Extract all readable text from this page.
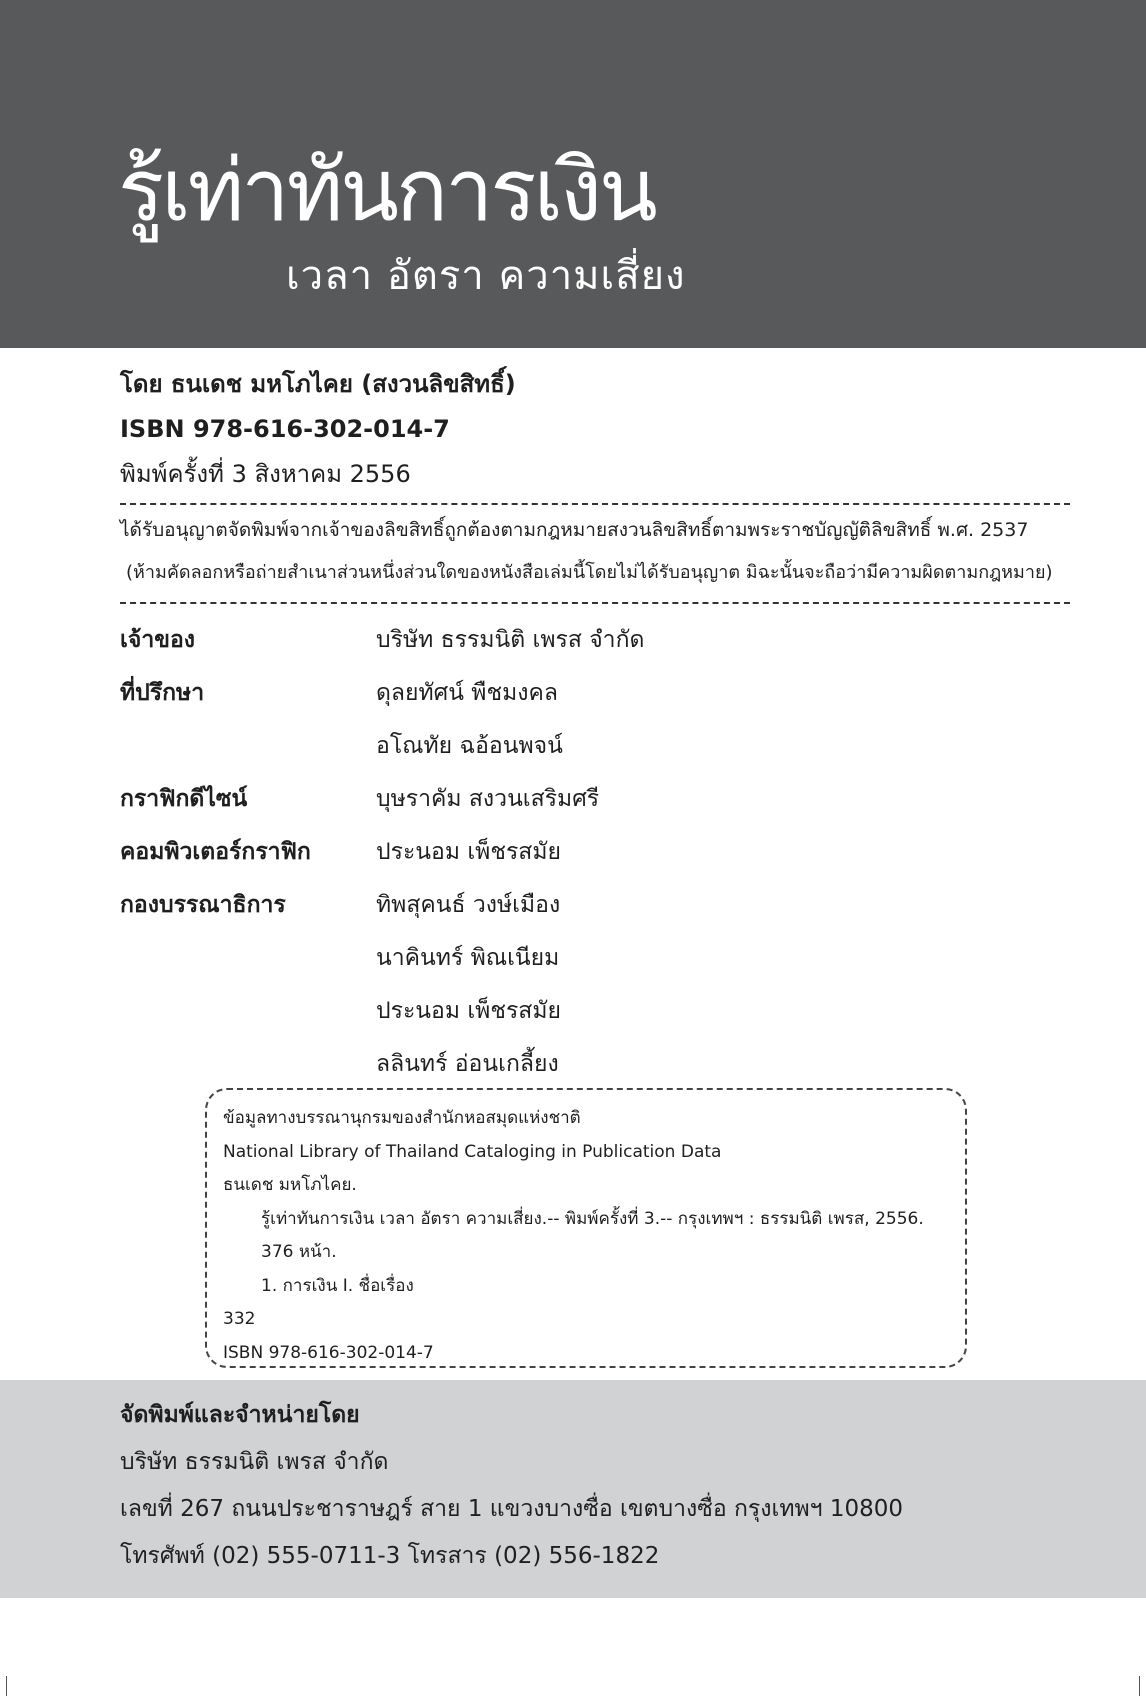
รู้เท่าทันการเงิน
เวลา อัตรา ความเสี่ยง
โดย ธนเดช มหโภไคย (สงวนลิขสิทธิ์)
ISBN 978-616-302-014-7
พิมพ์ครั้งที่ 3 สิงหาคม 2556
ได้รับอนุญาตจัดพิมพ์จากเจ้าของลิขสิทธิ์ถูกต้องตามกฎหมายสงวนลิขสิทธิ์ตามพระราชบัญญัติลิขสิทธิ์ พ.ศ. 2537
(ห้ามคัดลอกหรือถ่ายสำเนาส่วนหนึ่งส่วนใดของหนังสือเล่มนี้โดยไม่ได้รับอนุญาต มิฉะนั้นจะถือว่ามีความผิดตามกฎหมาย)
เจ้าของ	บริษัท ธรรมนิติ เพรส จำกัด
ที่ปรึกษา	ดุลยทัศน์ พืชมงคล
อโณทัย ฉอ้อนพจน์
กราฟิกดีไซน์	บุษราคัม สงวนเสริมศรี
คอมพิวเตอร์กราฟิก	ประนอม เพ็ชรสมัย
กองบรรณาธิการ	ทิพสุคนธ์ วงษ์เมือง
นาคินทร์ พิณเนียม
ประนอม เพ็ชรสมัย
ลลินทร์ อ่อนเกลี้ยง
ข้อมูลทางบรรณานุกรมของสำนักหอสมุดแห่งชาติ
National Library of Thailand Cataloging in Publication Data
ธนเดช มหโภไคย.
รู้เท่าทันการเงิน เวลา อัตรา ความเสี่ยง.-- พิมพ์ครั้งที่ 3.-- กรุงเทพฯ : ธรรมนิติ เพรส, 2556.
376 หน้า.
1. การเงิน I. ชื่อเรื่อง
332
ISBN 978-616-302-014-7
จัดพิมพ์และจำหน่ายโดย
บริษัท ธรรมนิติ เพรส จำกัด
เลขที่ 267 ถนนประชาราษฎร์ สาย 1 แขวงบางซื่อ เขตบางซื่อ กรุงเทพฯ 10800
โทรศัพท์ (02) 555-0711-3 โทรสาร (02) 556-1822
